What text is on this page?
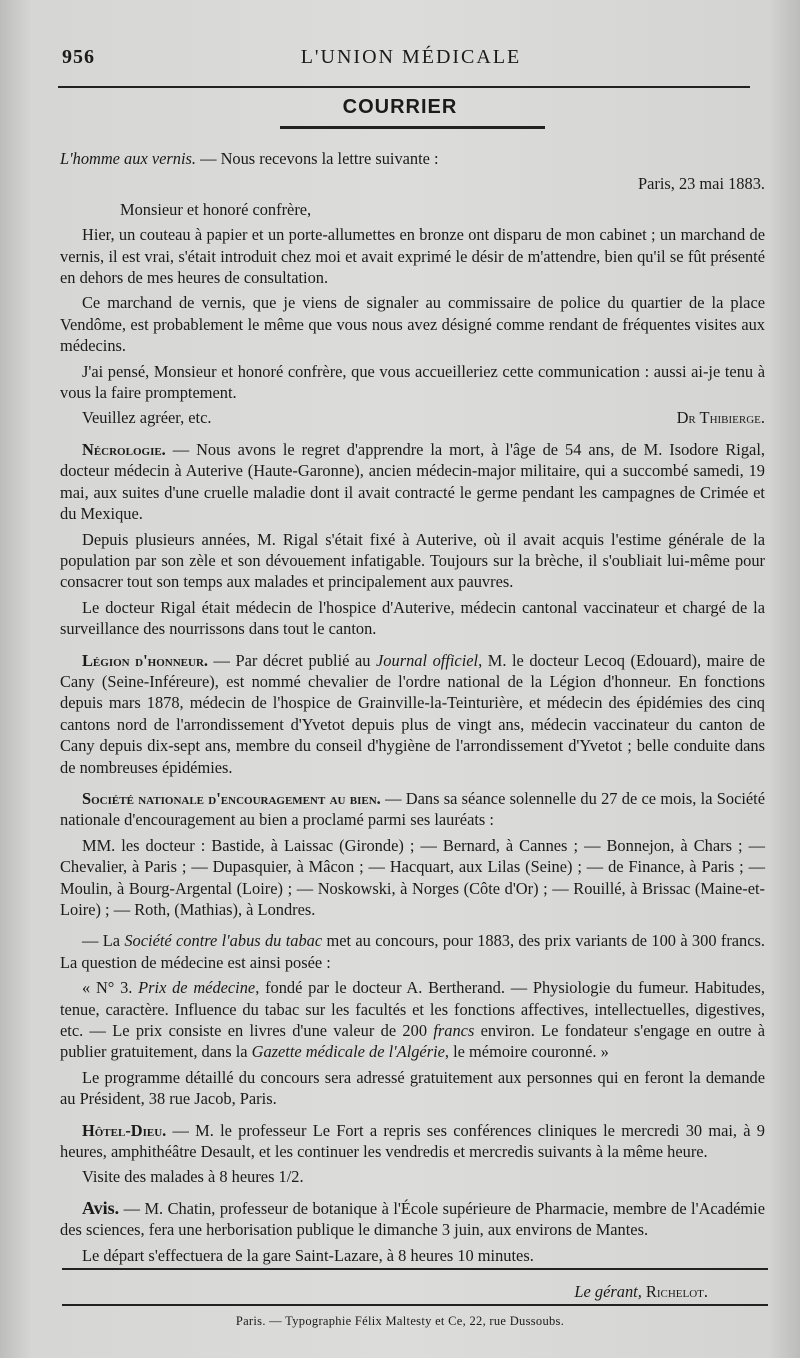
956	L'UNION MÉDICALE
COURRIER

L'homme aux vernis. — Nous recevons la lettre suivante :

Paris, 23 mai 1883.

Monsieur et honoré confrère,

Hier, un couteau à papier et un porte-allumettes en bronze ont disparu de mon cabinet ; un marchand de vernis, il est vrai, s'était introduit chez moi et avait exprimé le désir de m'attendre, bien qu'il se fût présenté en dehors de mes heures de consultation.

Ce marchand de vernis, que je viens de signaler au commissaire de police du quartier de la place Vendôme, est probablement le même que vous nous avez désigné comme rendant de fréquentes visites aux médecins.

J'ai pensé, Monsieur et honoré confrère, que vous accueilleriez cette communication : aussi ai-je tenu à vous la faire promptement.

Veuillez agréer, etc.	Dr Thibierge.

Nécrologie. — Nous avons le regret d'apprendre la mort, à l'âge de 54 ans, de M. Isodore Rigal, docteur médecin à Auterive (Haute-Garonne), ancien médecin-major militaire, qui a succombé samedi, 19 mai, aux suites d'une cruelle maladie dont il avait contracté le germe pendant les campagnes de Crimée et du Mexique.

Depuis plusieurs années, M. Rigal s'était fixé à Auterive, où il avait acquis l'estime générale de la population par son zèle et son dévouement infatigable. Toujours sur la brèche, il s'oubliait lui-même pour consacrer tout son temps aux malades et principalement aux pauvres.

Le docteur Rigal était médecin de l'hospice d'Auterive, médecin cantonal vaccinateur et chargé de la surveillance des nourrissons dans tout le canton.

Légion d'honneur. — Par décret publié au Journal officiel, M. le docteur Lecoq (Edouard), maire de Cany (Seine-Inféreure), est nommé chevalier de l'ordre national de la Légion d'honneur. En fonctions depuis mars 1878, médecin de l'hospice de Grainville-la-Teinturière, et médecin des épidémies des cinq cantons nord de l'arrondissement d'Yvetot depuis plus de vingt ans, médecin vaccinateur du canton de Cany depuis dix-sept ans, membre du conseil d'hygiène de l'arrondissement d'Yvetot ; belle conduite dans de nombreuses épidémies.

Société nationale d'encouragement au bien. — Dans sa séance solennelle du 27 de ce mois, la Société nationale d'encouragement au bien a proclamé parmi ses lauréats :

MM. les docteur : Bastide, à Laissac (Gironde) ; — Bernard, à Cannes ; — Bonnejon, à Chars ; — Chevalier, à Paris ; — Dupasquier, à Mâcon ; — Hacquart, aux Lilas (Seine) ; — de Finance, à Paris ; — Moulin, à Bourg-Argental (Loire) ; — Noskowski, à Norges (Côte d'Or) ; — Rouillé, à Brissac (Maine-et-Loire) ; — Roth, (Mathias), à Londres.

— La Société contre l'abus du tabac met au concours, pour 1883, des prix variants de 100 à 300 francs. La question de médecine est ainsi posée :

« N° 3. Prix de médecine, fondé par le docteur A. Bertherand. — Physiologie du fumeur. Habitudes, tenue, caractère. Influence du tabac sur les facultés et les fonctions affectives, intellectuelles, digestives, etc. — Le prix consiste en livres d'une valeur de 200 francs environ. Le fondateur s'engage en outre à publier gratuitement, dans la Gazette médicale de l'Algérie, le mémoire couronné. »

Le programme détaillé du concours sera adressé gratuitement aux personnes qui en feront la demande au Président, 38 rue Jacob, Paris.

Hôtel-Dieu. — M. le professeur Le Fort a repris ses conférences cliniques le mercredi 30 mai, à 9 heures, amphithéâtre Desault, et les continuer les vendredis et mercredis suivants à la même heure.

Visite des malades à 8 heures 1/2.

Avis. — M. Chatin, professeur de botanique à l'École supérieure de Pharmacie, membre de l'Académie des sciences, fera une herborisation publique le dimanche 3 juin, aux environs de Mantes.

Le départ s'effectuera de la gare Saint-Lazare, à 8 heures 10 minutes.

Le gérant, Richelot.
Paris. — Typographie Félix Maltesty et Ce, 22, rue Dussoubs.
